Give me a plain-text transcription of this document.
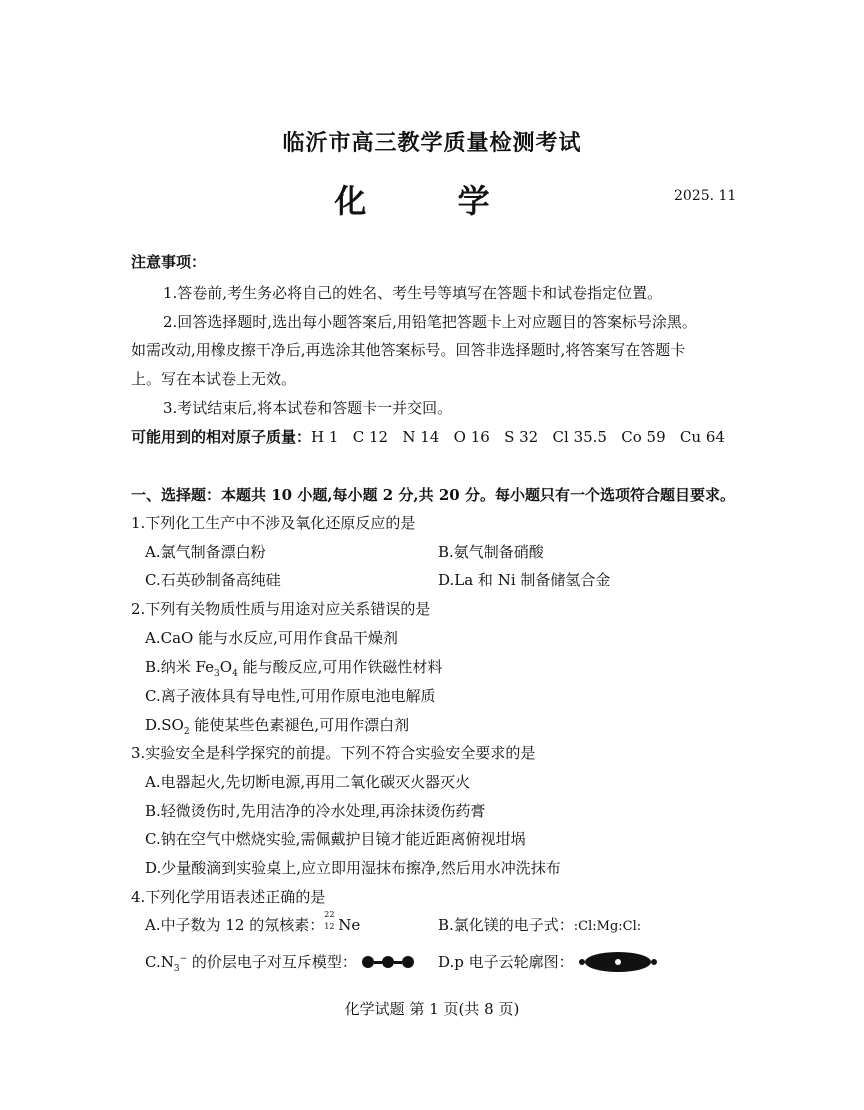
临沂市高三教学质量检测考试
化 学	2025. 11
注意事项：
1.答卷前,考生务必将自己的姓名、考生号等填写在答题卡和试卷指定位置。
2.回答选择题时,选出每小题答案后,用铅笔把答题卡上对应题目的答案标号涂黑。
如需改动,用橡皮擦干净后,再选涂其他答案标号。回答非选择题时,将答案写在答题卡
上。写在本试卷上无效。
3.考试结束后,将本试卷和答题卡一并交回。
可能用到的相对原子质量：H 1   C 12   N 14   O 16   S 32   Cl 35.5   Co 59   Cu 64
一、选择题：本题共 10 小题,每小题 2 分,共 20 分。每小题只有一个选项符合题目要求。
1.下列化工生产中不涉及氧化还原反应的是
A.氯气制备漂白粉	B.氨气制备硝酸
C.石英砂制备高纯硅	D.La 和 Ni 制备储氢合金
2.下列有关物质性质与用途对应关系错误的是
A.CaO 能与水反应,可用作食品干燥剂
B.纳米 $Fe_3O_4$ 能与酸反应,可用作铁磁性材料
C.离子液体具有导电性,可用作原电池电解质
$D.SO_2$ 能使某些色素褪色,可用作漂白剂
3.实验安全是科学探究的前提。下列不符合实验安全要求的是
A.电器起火,先切断电源,再用二氧化碳灭火器灭火
B.轻微烫伤时,先用洁净的冷水处理,再涂抹烫伤药膏
C.钠在空气中燃烧实验,需佩戴护目镜才能近距离俯视坩埚
D.少量酸滴到实验桌上,应立即用湿抹布擦净,然后用水冲洗抹布
4.下列化学用语表述正确的是
A.中子数为 12 的氖核素：
22
12 Ne	B.氯化镁的电子式：:Cl:Mg:Cl:
$C.N_3^-$ 的价层电子对互斥模型：	D.p 电子云轮廓图：
化学试题 第 1 页(共 8 页)
